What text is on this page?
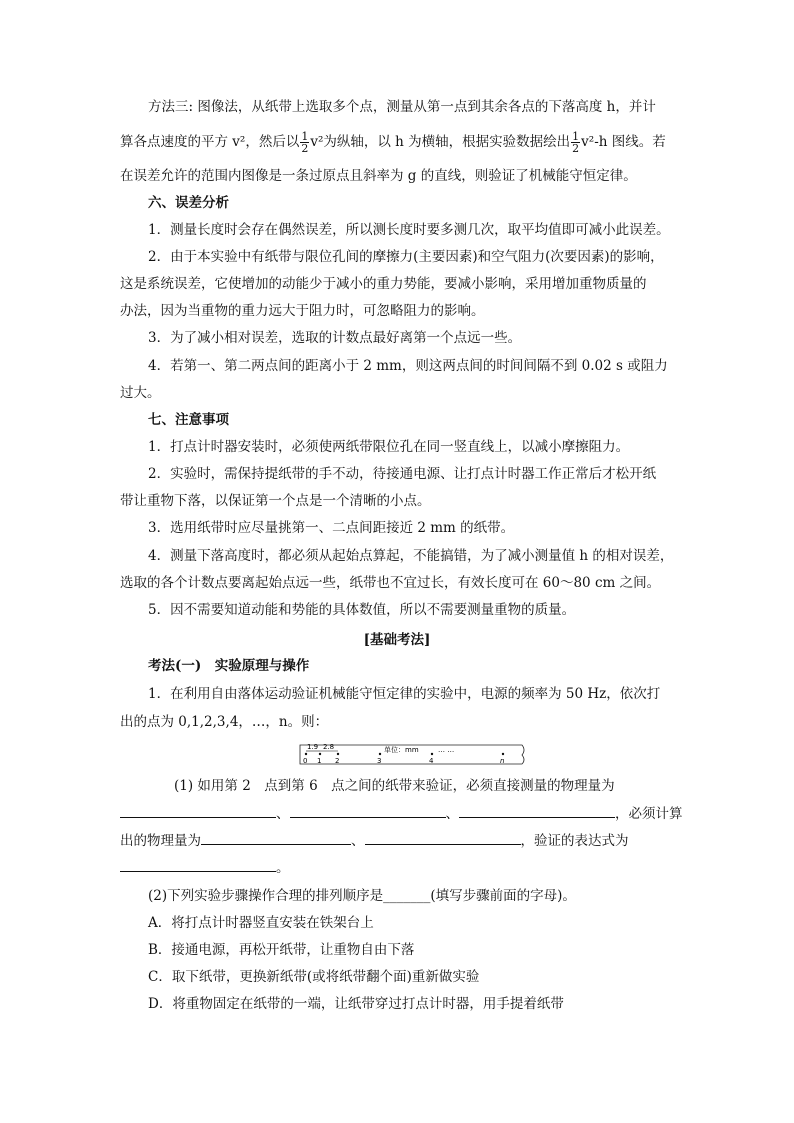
方法三: 图像法，从纸带上选取多个点，测量从第一点到其余各点的下落高度 h，并计
算各点速度的平方 v²，然后以 $\frac{1}{2} v^2$为纵轴，以 h 为横轴，根据实验数据绘出 $\frac{1}{2} v^2-h$ 图线。若
在误差允许的范围内图像是一条过原点且斜率为 g 的直线，则验证了机械能守恒定律。
六、误差分析
1．测量长度时会存在偶然误差，所以测长度时要多测几次，取平均值即可减小此误差。
2．由于本实验中有纸带与限位孔间的摩擦力(主要因素)和空气阻力(次要因素)的影响，
这是系统误差，它使增加的动能少于减小的重力势能，要减小影响，采用增加重物质量的
办法，因为当重物的重力远大于阻力时，可忽略阻力的影响。
3．为了减小相对误差，选取的计数点最好离第一个点远一些。
4．若第一、第二两点间的距离小于 2 mm，则这两点间的时间间隔不到 0.02 s 或阻力
过大。
七、注意事项
1．打点计时器安装时，必须使两纸带限位孔在同一竖直线上，以减小摩擦阻力。
2．实验时，需保持提纸带的手不动，待接通电源、让打点计时器工作正常后才松开纸
带让重物下落，以保证第一个点是一个清晰的小点。
3．选用纸带时应尽量挑第一、二点间距接近 2 mm 的纸带。
4．测量下落高度时，都必须从起始点算起，不能搞错，为了减小测量值 h 的相对误差，
选取的各个计数点要离起始点远一些，纸带也不宜过长，有效长度可在 60～80 cm 之间。
5．因不需要知道动能和势能的具体数值，所以不需要测量重物的质量。
[基础考法]
考法(一)　实验原理与操作
1．在利用自由落体运动验证机械能守恒定律的实验中，电源的频率为 50 Hz，依次打
出的点为 0,1,2,3,4，…，n。则：
1.9 2.8	单位：mm	… …
0 1 2	3	4	n
(1) 如用第 2　点到第 6　点之间的纸带来验证，必须直接测量的物理量为
、	、	，必须计算
出的物理量为	、	，验证的表达式为
。
(2)下列实验步骤操作合理的排列顺序是_______(填写步骤前面的字母)。
A．将打点计时器竖直安装在铁架台上
B．接通电源，再松开纸带，让重物自由下落
C．取下纸带，更换新纸带(或将纸带翻个面)重新做实验
D．将重物固定在纸带的一端，让纸带穿过打点计时器，用手提着纸带
